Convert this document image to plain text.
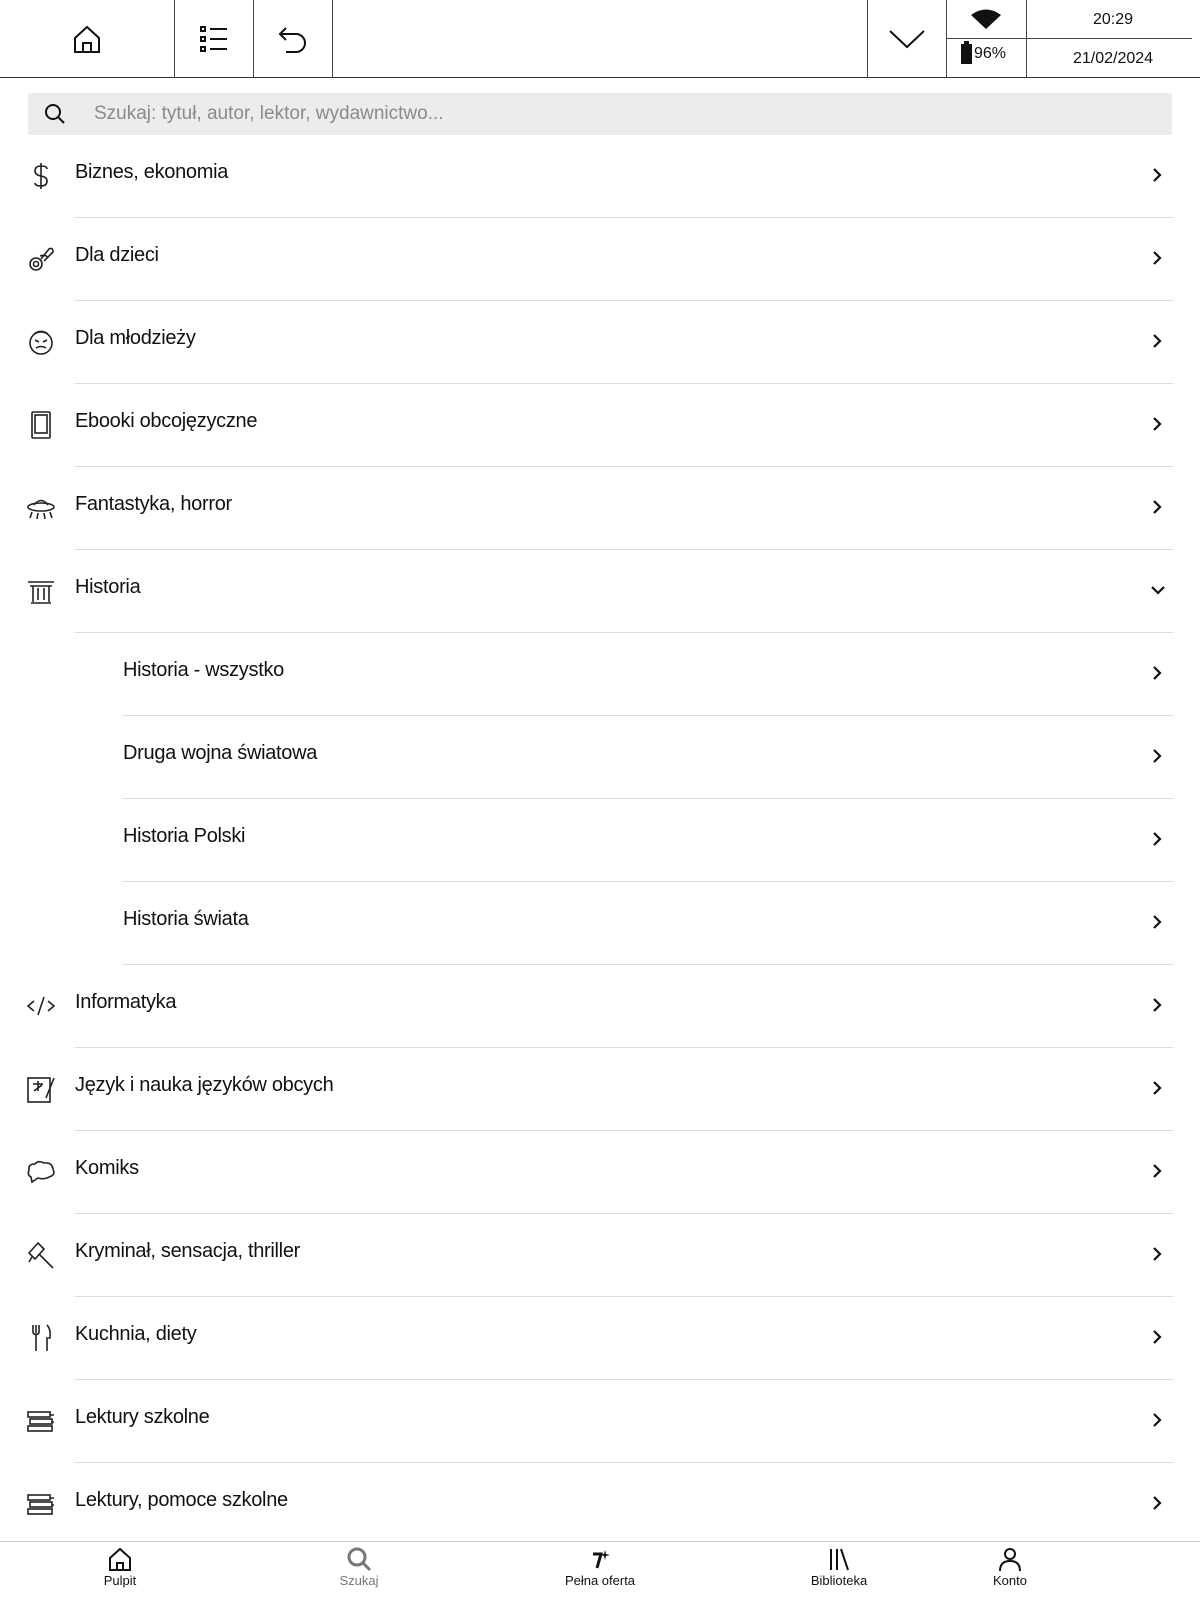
96%
20:29
21/02/2024
Szukaj: tytuł, autor, lektor, wydawnictwo...
Biznes, ekonomia
Dla dzieci
Dla młodzieży
Ebooki obcojęzyczne
Fantastyka, horror
Historia
Historia - wszystko
Druga wojna światowa
Historia Polski
Historia świata
Informatyka
Język i nauka języków obcych
Komiks
Kryminał, sensacja, thriller
Kuchnia, diety
Lektury szkolne
Lektury, pomoce szkolne
Pulpit	Szukaj	Pełna oferta	Biblioteka	Konto
